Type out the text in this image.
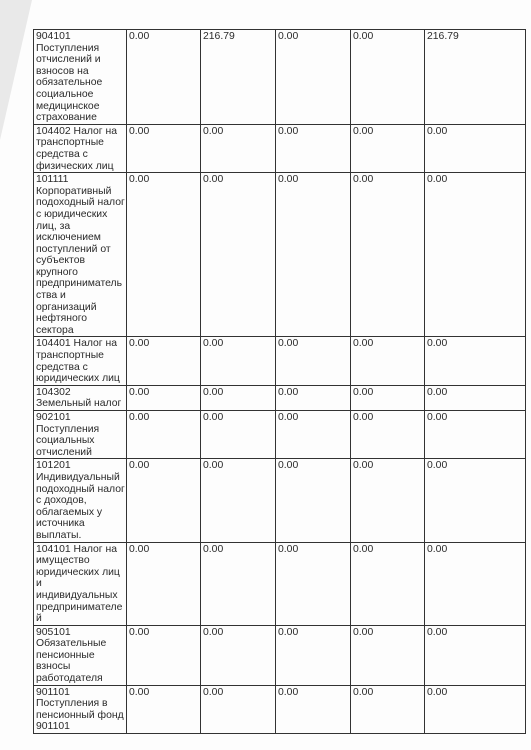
904101 Поступления отчислений и взносов на обязательное социальное медицинское страхование	0.00	216.79	0.00	0.00	216.79
104402 Налог на транспортные средства с физических лиц	0.00	0.00	0.00	0.00	0.00
101111 Корпоративный подоходный налог с юридических лиц, за исключением поступлений от субъектов крупного предпринимательства и организаций нефтяного сектора	0.00	0.00	0.00	0.00	0.00
104401 Налог на транспортные средства с юридических лиц	0.00	0.00	0.00	0.00	0.00
104302 Земельный налог	0.00	0.00	0.00	0.00	0.00
902101 Поступления социальных отчислений	0.00	0.00	0.00	0.00	0.00
101201 Индивидуальный подоходный налог с доходов, облагаемых у источника выплаты.	0.00	0.00	0.00	0.00	0.00
104101 Налог на имущество юридических лиц и индивидуальных предпринимателей	0.00	0.00	0.00	0.00	0.00
905101 Обязательные пенсионные взносы работодателя	0.00	0.00	0.00	0.00	0.00
901101 Поступления в пенсионный фонд 901101	0.00	0.00	0.00	0.00	0.00
